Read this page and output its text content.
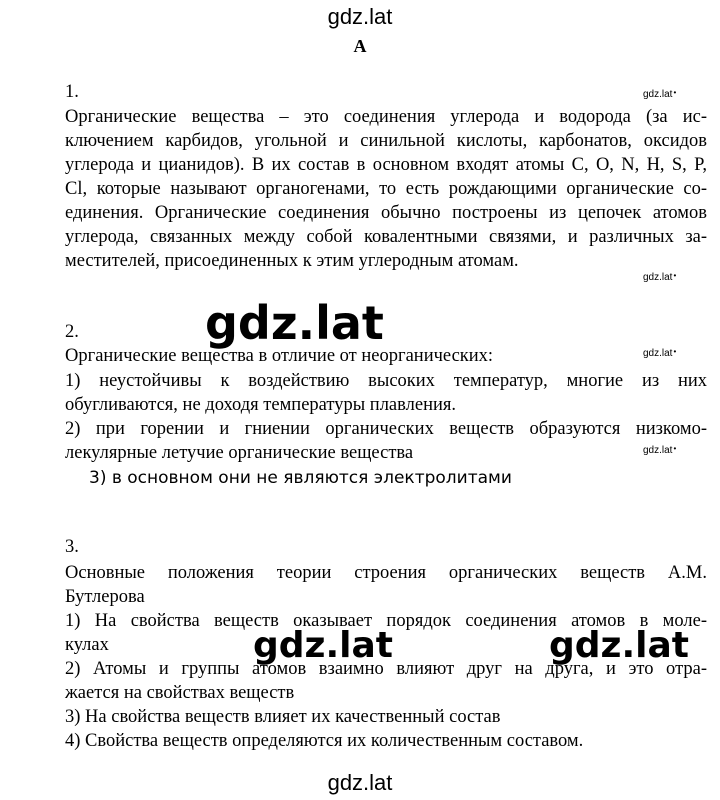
gdz.lat
gdz.lat
А
1.
Органические вещества – это соединения углерода и водорода (за ис-
ключением карбидов, угольной и синильной кислоты, карбонатов, оксидов
углерода и цианидов). В их состав в основном входят атомы C, O, N, H, S, P,
Cl, которые называют органогенами, то есть рождающими органические со-
единения. Органические соединения обычно построены из цепочек атомов
углерода, связанных между собой ковалентными связями, и различных за-
местителей, присоединенных к этим углеродным атомам.
2.
Органические вещества в отличие от неорганических:
1) неустойчивы к воздействию высоких температур, многие из них
обугливаются, не доходя температуры плавления.
2) при горении и гниении органических веществ образуются низкомо-
лекулярные летучие органические вещества
3) в основном они не являются электролитами
3.
Основные положения теории строения органических веществ А.М.
Бутлерова
1) На свойства веществ оказывает порядок соединения атомов в моле-
кулах
2) Атомы и группы атомов взаимно влияют друг на друга, и это отра-
жается на свойствах веществ
3) На свойства веществ влияет их качественный состав
4) Свойства веществ определяются их количественным составом.
gdz.lat •
gdz.lat •
gdz.lat •
gdz.lat •
gdz.lat
gdz.lat	gdz.lat
